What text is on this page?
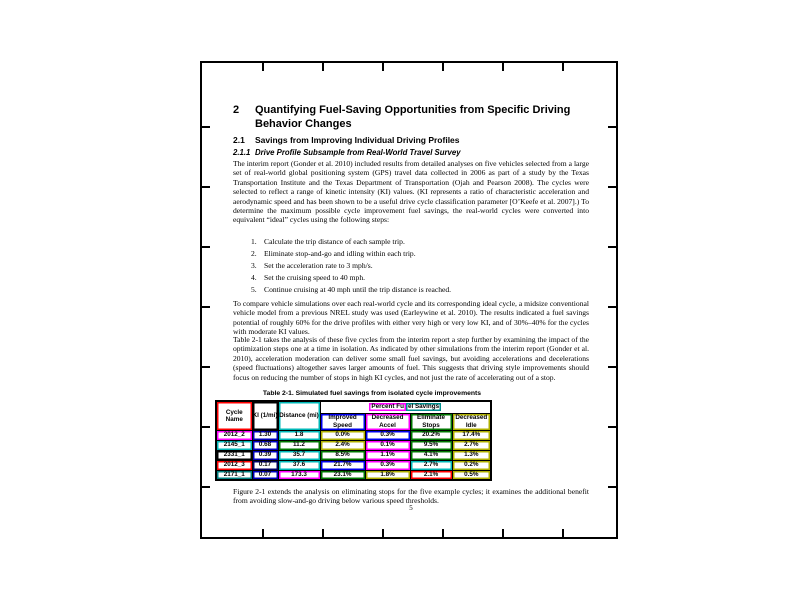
2 Quantifying Fuel-Saving Opportunities from Specific Driving Behavior Changes
2.1 Savings from Improving Individual Driving Profiles
2.1.1 Drive Profile Subsample from Real-World Travel Survey
The interim report (Gonder et al. 2010) included results from detailed analyses on five vehicles selected from a large set of real-world global positioning system (GPS) travel data collected in 2006 as part of a study by the Texas Transportation Institute and the Texas Department of Transportation (Ojah and Pearson 2008). The cycles were selected to reflect a range of kinetic intensity (KI) values. (KI represents a ratio of characteristic acceleration and aerodynamic speed and has been shown to be a useful drive cycle classification parameter [O’Keefe et al. 2007].) To determine the maximum possible cycle improvement fuel savings, the real-world cycles were converted into equivalent “ideal” cycles using the following steps:
1. Calculate the trip distance of each sample trip.
2. Eliminate stop-and-go and idling within each trip.
3. Set the acceleration rate to 3 mph/s.
4. Set the cruising speed to 40 mph.
5. Continue cruising at 40 mph until the trip distance is reached.
To compare vehicle simulations over each real-world cycle and its corresponding ideal cycle, a midsize conventional vehicle model from a previous NREL study was used (Earleywine et al. 2010). The results indicated a fuel savings potential of roughly 60% for the drive profiles with either very high or very low KI, and of 30%–40% for the cycles with moderate KI values.
Table 2-1 takes the analysis of these five cycles from the interim report a step further by examining the impact of the optimization steps one at a time in isolation. As indicated by other simulations from the interim report (Gonder et al. 2010), acceleration moderation can deliver some small fuel savings, but avoiding accelerations and decelerations (speed fluctuations) altogether saves larger amounts of fuel. This suggests that driving style improvements should focus on reducing the number of stops in high KI cycles, and not just the rate of accelerating out of a stop.
Table 2-1. Simulated fuel savings from isolated cycle improvements
Cycle Name	KI (1/mi)	Distance (mi)	Percent Fu el Savings			
			Improved Speed	Decreased Accel	Eliminate Stops	Decreased Idle
2012_2	1.30	1.8	0.0%	0.3%	20.2%	17.4%
2145_1	0.68	11.2	2.4%	0.1%	9.5%	2.7%
2331_1	0.39	35.7	8.5%	1.1%	4.1%	1.3%
2012_3	0.17	37.6	21.7%	0.3%	2.7%	0.2%
2171_1	0.07	173.3	23.1%	1.8%	2.1%	0.5%
Figure 2-1 extends the analysis on eliminating stops for the five example cycles; it examines the additional benefit from avoiding slow-and-go driving below various speed thresholds.
5
